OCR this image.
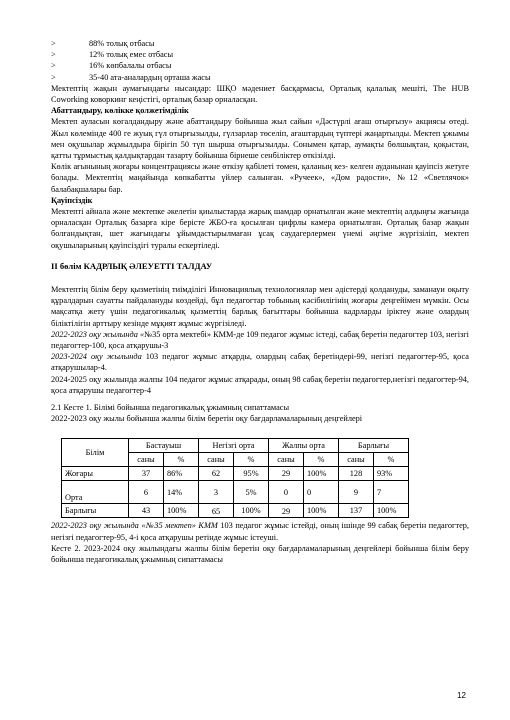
>	88% толық отбасы
>	12% толық емес отбасы
>	16% көпбалалы отбасы
>	35-40 ата-аналардың орташа жасы

Мектептің жақын аумағындағы нысандар: ШҚО мәдениет басқармасы, Орталық қалалық мешіті, The HUB Coworking коворкинг кеңістігі, орталық базар орналасқан.

Абаттандыру, көлікке қолжетімділік

Мектеп ауласын көгалдандыру және абаттандыру бойынша жыл сайын «Дәстүрлі ағаш отырғызу» акциясы өтеді. Жыл көлемінде 400 ге жуық гүл отырғызылды, гүлзарлар төселіп, ағаштардың түптері жаңартылды. Мектеп ұжымы мен оқушылар жұмылдыра бірігіп 50 түп шырша отырғызылды. Сонымен қатар, аумақты бөлшықтан, қоқыстан, қатты тұрмыстық қалдықтардан тазарту бойынша бірнеше сенбіліктер өткізілді.

Көлік ағынының жоғары концентрациясы және өткізу қабілеті төмен, қаланың кез- келген ауданынан қауіпсіз жетуге болады. Мектептің маңайында көпкабатты үйлер салынған. «Ручеек», «Дом радости», №12 «Светлячок» балабақшалары бар.

Қауіпсіздік

Мектепті айнала және мектепке әкелетін қиылыстарда жарық шамдар орнатылған және мектептің алдыңғы жағында орналасқан Орталық базарға кіре берісте ЖБО-ға қосылған цифрлы камера орнатылған. Орталық базар жақын болғандықтан, шет жағындағы ұйымдастырылмаған ұсақ саудагерлермен үнемі әңгіме жүргізіліп, мектеп оқушыларының қауіпсіздігі туралы ескертіледі.

II бөлім КАДРЛЫҚ ӘЛЕУЕТТІ ТАЛДАУ

Мектептің білім беру қызметінің тиімділігі Инновациялық технологиялар мен әдістерді қолдануды, заманауи оқыту құралдарын сауатты пайдалануды көздейді, бұл педагогтар тобының кәсібилігінің жоғары деңгейімен мүмкін. Осы мақсатқа жету үшін педагогикалық қызметтің барлық бағыттары бойынша кадрларды іріктеу және олардың біліктілігін арттыру кезінде мұқият жұмыс жүргізіледі.

2022-2023 оқу жылында «№35 орта мектебі» КММ-де 109 педагог жұмыс істеді, сабақ беретін педагогтер 103, негізгі педагогтер-100, қоса атқарушы-3

2023-2024 оқу жылында 103 педагог жұмыс атқарды, олардың сабақ беретіндері-99, негізгі педагогтер-95, қоса атқарушылар-4.

2024-2025 оқу жылында жалпы 104 педагог жұмыс атқарады, оның 98 сабақ беретін педагогтер,негізгі педагогтер-94, қоса атқарушы педагогтер-4

2.1 Кесте 1. Білімі бойынша педагогикалық ұжымның сипаттамасы

2022-2023 оқу жылы бойынша жалпы білім беретін оқу бағдарламаларының деңгейлері

Білім	Бастауыш		Негізгі орта		Жалпы орта		Барлығы	
	саны	%	саны	%	саны	%	саны	%
Жоғары	37	86%	62	95%	29	100%	128	93%
Орта	6	14%	3	5%	0	0	9	7
Барлығы	43	100%	65	100%	29	100%	137	100%

2022-2023 оқу жылында «№35 мектеп» КММ 103 педагог жұмыс істейді, оның ішінде 99 сабақ беретін педагогтер, негізгі педагогтер-95, 4-і қоса атқарушы ретінде жұмыс істеуші.

Кесте 2. 2023-2024 оқу жылындағы жалпы білім беретін оқу бағдарламаларының деңгейлері бойынша білім беру бойынша педагогикалық ұжымның сипаттамасы

12
